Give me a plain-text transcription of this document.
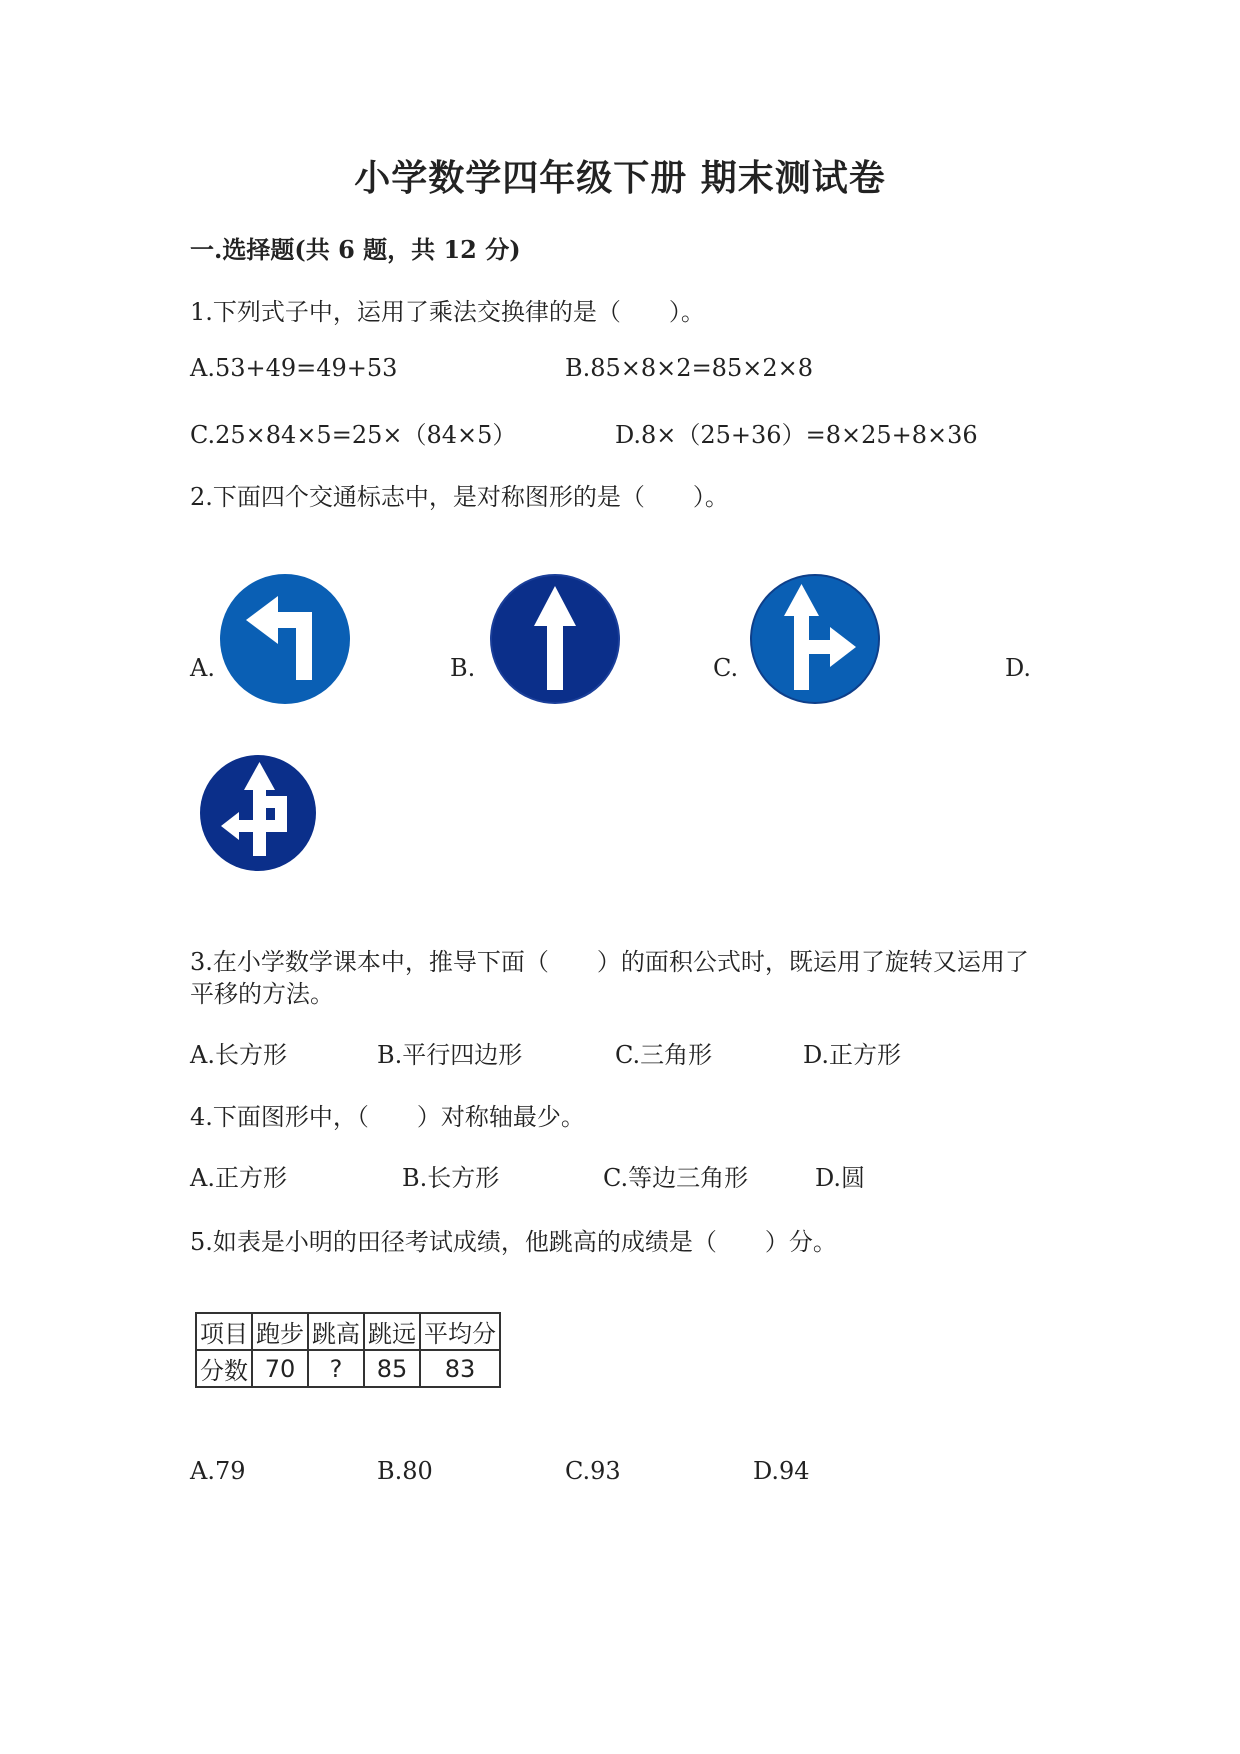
小学数学四年级下册 期末测试卷
一.选择题(共 6 题，共 12 分)
1.下列式子中，运用了乘法交换律的是（　　）。
A.53+49=49+53	B.85×8×2=85×2×8
C.25×84×5=25×（84×5）	D.8×（25+36）=8×25+8×36
2.下面四个交通标志中，是对称图形的是（　　）。
A.	B.	C.	D.
3.在小学数学课本中，推导下面（　　）的面积公式时，既运用了旋转又运用了
平移的方法。
A.长方形	B.平行四边形	C.三角形	D.正方形
4.下面图形中，（　　）对称轴最少。
A.正方形	B.长方形	C.等边三角形	D.圆
5.如表是小明的田径考试成绩，他跳高的成绩是（　　）分。
项目	跑步	跳高	跳远	平均分
分数	70	?	85	83
A.79	B.80	C.93	D.94
